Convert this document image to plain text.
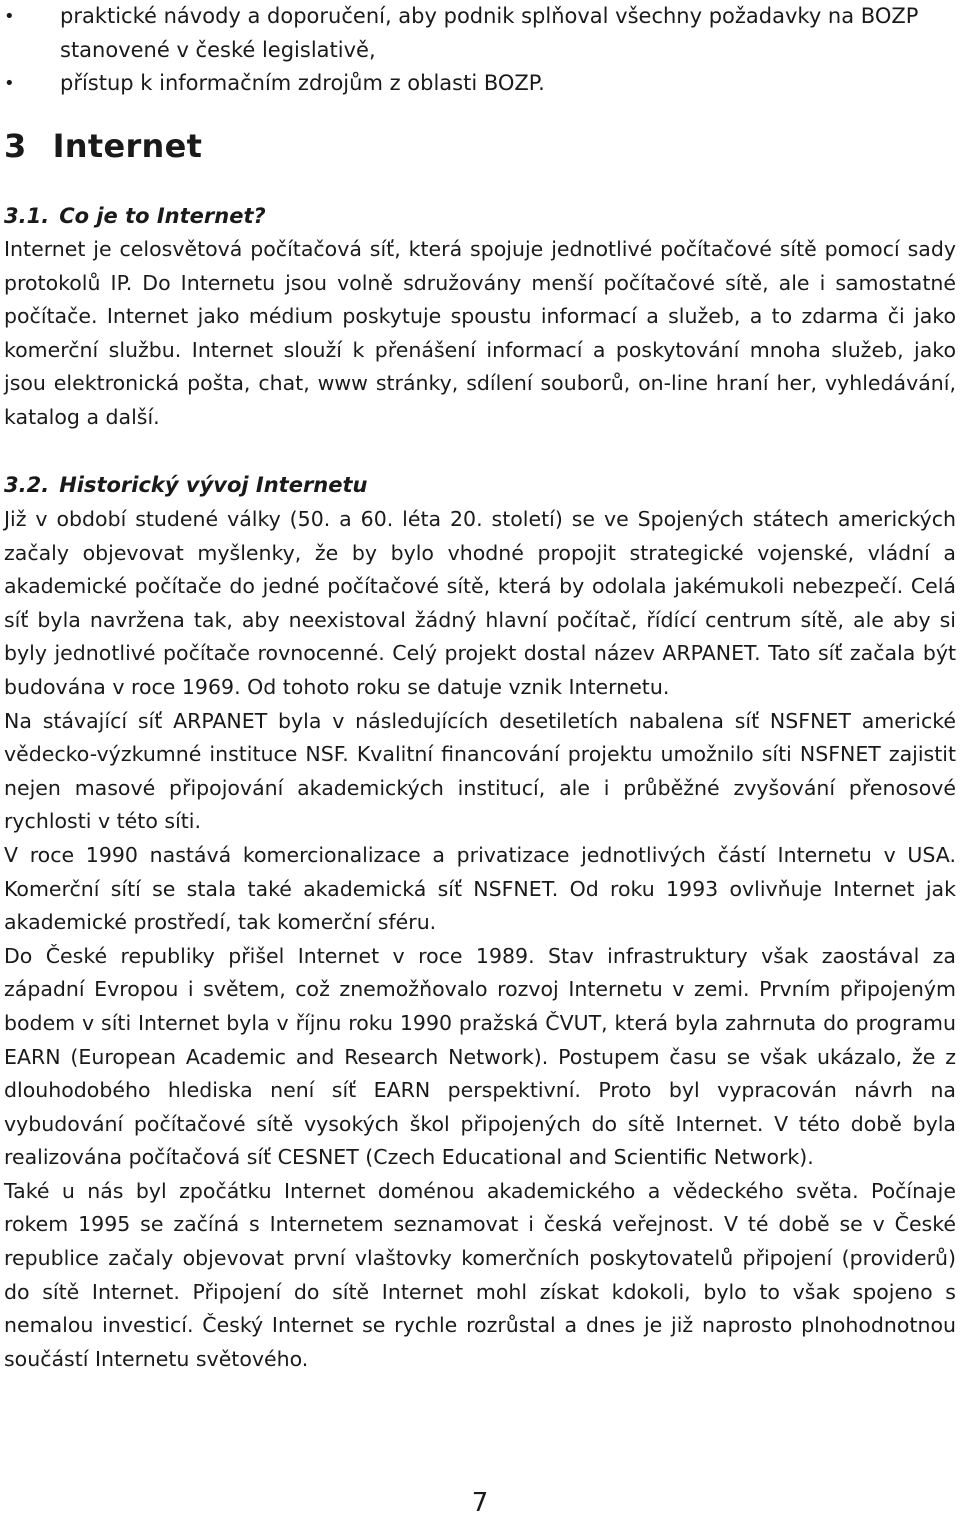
• praktické návody a doporučení, aby podnik splňoval všechny požadavky na BOZP stanovené v české legislativě,
• přístup k informačním zdrojům z oblasti BOZP.
3 Internet
3.1. Co je to Internet?

Internet je celosvětová počítačová síť, která spojuje jednotlivé počítačové sítě pomocí sady protokolů IP. Do Internetu jsou volně sdružovány menší počítačové sítě, ale i samostatné počítače. Internet jako médium poskytuje spoustu informací a služeb, a to zdarma či jako komerční službu. Internet slouží k přenášení informací a poskytování mnoha služeb, jako jsou elektronická pošta, chat, www stránky, sdílení souborů, on-line hraní her, vyhledávání, katalog a další.

3.2. Historický vývoj Internetu

Již v období studené války (50. a 60. léta 20. století) se ve Spojených státech amerických začaly objevovat myšlenky, že by bylo vhodné propojit strategické vojenské, vládní a akademické počítače do jedné počítačové sítě, která by odolala jakémukoli nebezpečí. Celá síť byla navržena tak, aby neexistoval žádný hlavní počítač, řídící centrum sítě, ale aby si byly jednotlivé počítače rovnocenné. Celý projekt dostal název ARPANET. Tato síť začala být budována v roce 1969. Od tohoto roku se datuje vznik Internetu.

Na stávající síť ARPANET byla v následujících desetiletích nabalena síť NSFNET americké vědecko-výzkumné instituce NSF. Kvalitní financování projektu umožnilo síti NSFNET zajistit nejen masové připojování akademických institucí, ale i průběžné zvyšování přenosové rychlosti v této síti.

V roce 1990 nastává komercionalizace a privatizace jednotlivých částí Internetu v USA. Komerční sítí se stala také akademická síť NSFNET. Od roku 1993 ovlivňuje Internet jak akademické prostředí, tak komerční sféru.

Do České republiky přišel Internet v roce 1989. Stav infrastruktury však zaostával za západní Evropou i světem, což znemožňovalo rozvoj Internetu v zemi. Prvním připojeným bodem v síti Internet byla v říjnu roku 1990 pražská ČVUT, která byla zahrnuta do programu EARN (European Academic and Research Network). Postupem času se však ukázalo, že z dlouhodobého hlediska není síť EARN perspektivní. Proto byl vypracován návrh na vybudování počítačové sítě vysokých škol připojených do sítě Internet. V této době byla realizována počítačová síť CESNET (Czech Educational and Scientific Network).

Také u nás byl zpočátku Internet doménou akademického a vědeckého světa. Počínaje rokem 1995 se začíná s Internetem seznamovat i česká veřejnost. V té době se v České republice začaly objevovat první vlaštovky komerčních poskytovatelů připojení (providerů) do sítě Internet. Připojení do sítě Internet mohl získat kdokoli, bylo to však spojeno s nemalou investicí. Český Internet se rychle rozrůstal a dnes je již naprosto plnohodnotnou součástí Internetu světového.

7
